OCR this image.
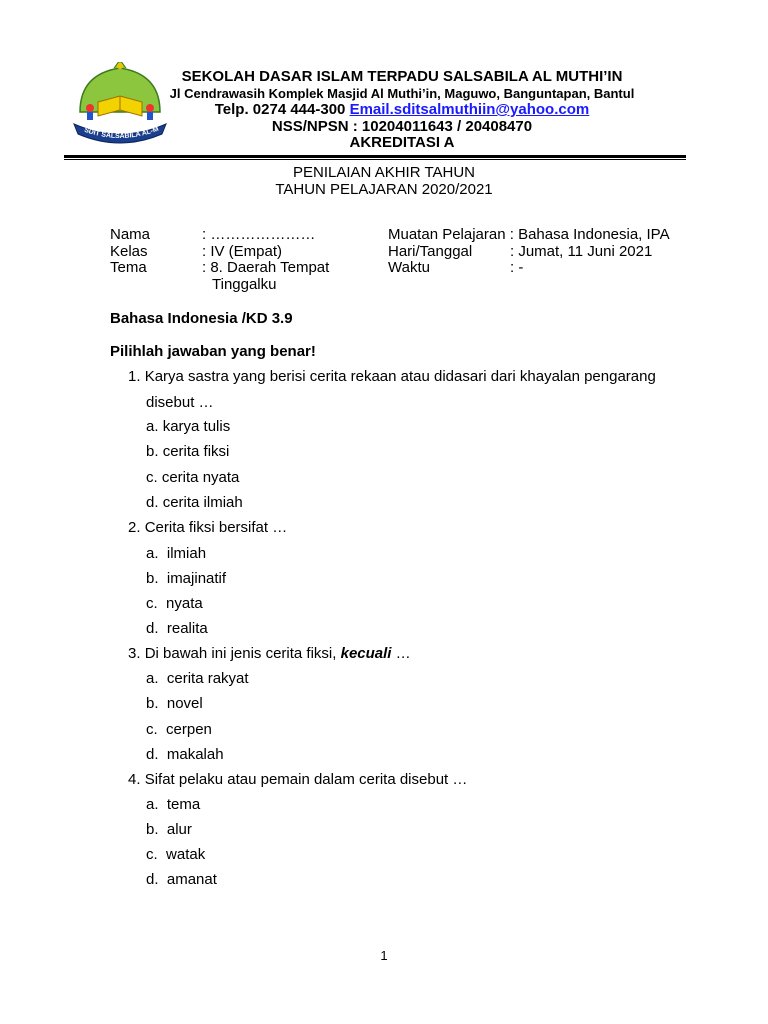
SDIT SALSABILA AL-M
SEKOLAH DASAR ISLAM TERPADU SALSABILA AL MUTHI’IN
Jl Cendrawasih Komplek Masjid Al Muthi’in, Maguwo, Banguntapan, Bantul
Telp. 0274 444-300 Email.sditsalmuthiin@yahoo.com
NSS/NPSN : 10204011643 / 20408470
AKREDITASI A
PENILAIAN AKHIR TAHUN
TAHUN PELAJARAN 2020/2021
Nama	: …………………
Kelas	: IV (Empat)
Tema	: 8. Daerah Tempat
Tinggalku
Muatan Pelajaran : Bahasa Indonesia, IPA
Hari/Tanggal	: Jumat, 11 Juni 2021
Waktu	: -
Bahasa Indonesia /KD 3.9
Pilihlah jawaban yang benar!
1. Karya sastra yang berisi cerita rekaan atau didasari dari khayalan pengarang
disebut …
a. karya tulis
b. cerita fiksi
c. cerita nyata
d. cerita ilmiah
2. Cerita fiksi bersifat …
a. ilmiah
b. imajinatif
c. nyata
d. realita
3. Di bawah ini jenis cerita fiksi, kecuali …
a. cerita rakyat
b. novel
c. cerpen
d. makalah
4. Sifat pelaku atau pemain dalam cerita disebut …
a. tema
b. alur
c. watak
d. amanat
1
